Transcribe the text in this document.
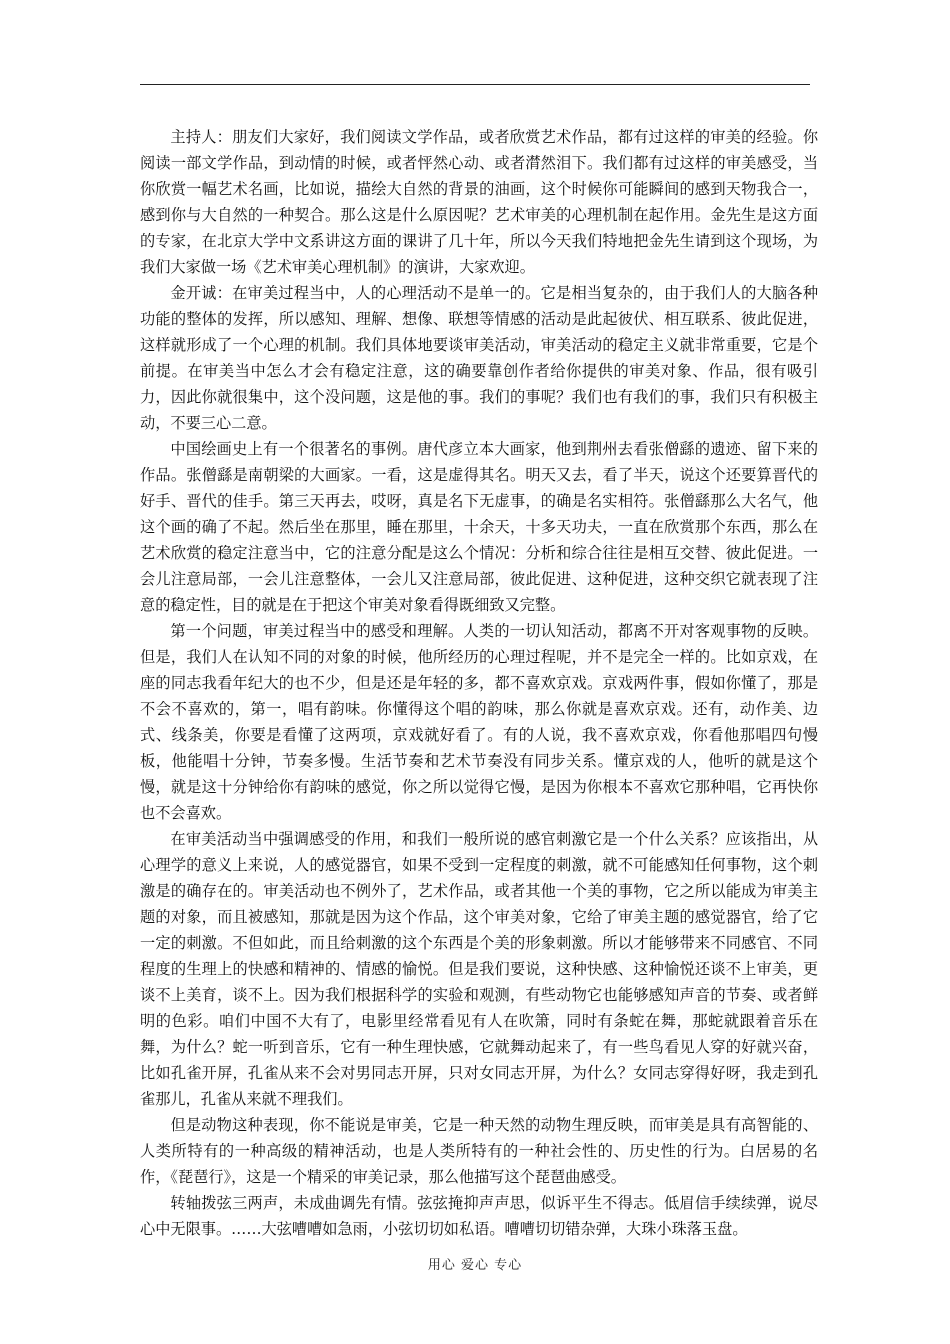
主持人：朋友们大家好，我们阅读文学作品，或者欣赏艺术作品，都有过这样的审美的经验。你阅读一部文学作品，到动情的时候，或者怦然心动、或者潸然泪下。我们都有过这样的审美感受，当你欣赏一幅艺术名画，比如说，描绘大自然的背景的油画，这个时候你可能瞬间的感到天物我合一，感到你与大自然的一种契合。那么这是什么原因呢？艺术审美的心理机制在起作用。金先生是这方面的专家，在北京大学中文系讲这方面的课讲了几十年，所以今天我们特地把金先生请到这个现场，为我们大家做一场《艺术审美心理机制》的演讲，大家欢迎。

金开诚：在审美过程当中，人的心理活动不是单一的。它是相当复杂的，由于我们人的大脑各种功能的整体的发挥，所以感知、理解、想像、联想等情感的活动是此起彼伏、相互联系、彼此促进，这样就形成了一个心理的机制。我们具体地要谈审美活动，审美活动的稳定主义就非常重要，它是个前提。在审美当中怎么才会有稳定注意，这的确要靠创作者给你提供的审美对象、作品，很有吸引力，因此你就很集中，这个没问题，这是他的事。我们的事呢？我们也有我们的事，我们只有积极主动，不要三心二意。

中国绘画史上有一个很著名的事例。唐代彦立本大画家，他到荆州去看张僧繇的遗迹、留下来的作品。张僧繇是南朝梁的大画家。一看，这是虚得其名。明天又去，看了半天，说这个还要算晋代的好手、晋代的佳手。第三天再去，哎呀，真是名下无虚事，的确是名实相符。张僧繇那么大名气，他这个画的确了不起。然后坐在那里，睡在那里，十余天，十多天功夫，一直在欣赏那个东西，那么在艺术欣赏的稳定注意当中，它的注意分配是这么个情况：分析和综合往往是相互交替、彼此促进。一会儿注意局部，一会儿注意整体，一会儿又注意局部，彼此促进、这种促进，这种交织它就表现了注意的稳定性，目的就是在于把这个审美对象看得既细致又完整。

第一个问题，审美过程当中的感受和理解。人类的一切认知活动，都离不开对客观事物的反映。但是，我们人在认知不同的对象的时候，他所经历的心理过程呢，并不是完全一样的。比如京戏，在座的同志我看年纪大的也不少，但是还是年轻的多，都不喜欢京戏。京戏两件事，假如你懂了，那是不会不喜欢的，第一，唱有韵味。你懂得这个唱的韵味，那么你就是喜欢京戏。还有，动作美、边式、线条美，你要是看懂了这两项，京戏就好看了。有的人说，我不喜欢京戏，你看他那唱四句慢板，他能唱十分钟，节奏多慢。生活节奏和艺术节奏没有同步关系。懂京戏的人，他听的就是这个慢，就是这十分钟给你有韵味的感觉，你之所以觉得它慢，是因为你根本不喜欢它那种唱，它再快你也不会喜欢。

在审美活动当中强调感受的作用，和我们一般所说的感官刺激它是一个什么关系？应该指出，从心理学的意义上来说，人的感觉器官，如果不受到一定程度的刺激，就不可能感知任何事物，这个刺激是的确存在的。审美活动也不例外了，艺术作品，或者其他一个美的事物，它之所以能成为审美主题的对象，而且被感知，那就是因为这个作品，这个审美对象，它给了审美主题的感觉器官，给了它一定的刺激。不但如此，而且给刺激的这个东西是个美的形象刺激。所以才能够带来不同感官、不同程度的生理上的快感和精神的、情感的愉悦。但是我们要说，这种快感、这种愉悦还谈不上审美，更谈不上美育，谈不上。因为我们根据科学的实验和观测，有些动物它也能够感知声音的节奏、或者鲜明的色彩。咱们中国不大有了，电影里经常看见有人在吹箫，同时有条蛇在舞，那蛇就跟着音乐在舞，为什么？蛇一听到音乐，它有一种生理快感，它就舞动起来了，有一些鸟看见人穿的好就兴奋，比如孔雀开屏，孔雀从来不会对男同志开屏，只对女同志开屏，为什么？女同志穿得好呀，我走到孔雀那儿，孔雀从来就不理我们。

但是动物这种表现，你不能说是审美，它是一种天然的动物生理反映，而审美是具有高智能的、人类所特有的一种高级的精神活动，也是人类所特有的一种社会性的、历史性的行为。白居易的名作，《琵琶行》，这是一个精采的审美记录，那么他描写这个琵琶曲感受。

转轴拨弦三两声，未成曲调先有情。弦弦掩抑声声思，似诉平生不得志。低眉信手续续弹，说尽心中无限事。……大弦嘈嘈如急雨，小弦切切如私语。嘈嘈切切错杂弹，大珠小珠落玉盘。

用心 爱心 专心
